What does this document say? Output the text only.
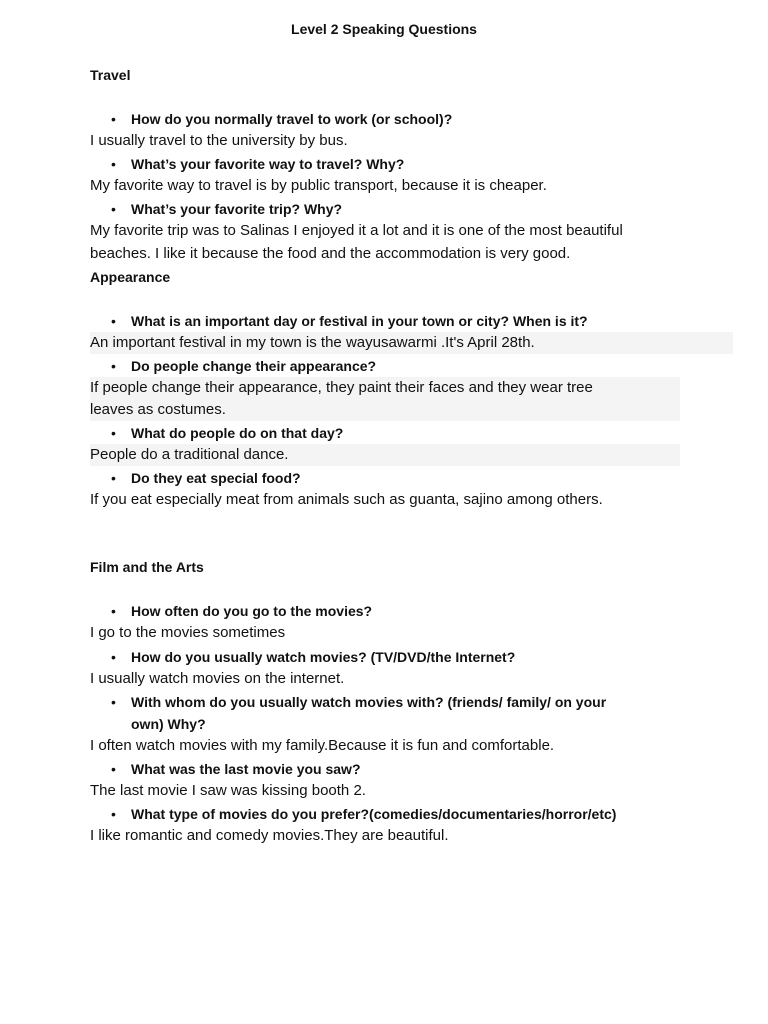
Level 2 Speaking Questions
Travel
• How do you normally travel to work (or school)?
I usually travel to the university by bus.
• What’s your favorite way to travel? Why?
My favorite way to travel is by public transport, because it is cheaper.
• What’s your favorite trip? Why?
My favorite trip was to Salinas I enjoyed it a lot and it is one of the most beautiful
beaches. I like it because the food and the accommodation is very good.
Appearance
• What is an important day or festival in your town or city? When is it?
An important festival in my town is the wayusawarmi .It's April 28th.
• Do people change their appearance?
If people change their appearance, they paint their faces and they wear tree
leaves as costumes.
• What do people do on that day?
People do a traditional dance.
• Do they eat special food?
If you eat especially meat from animals such as guanta, sajino among others.
Film and the Arts
• How often do you go to the movies?
I go to the movies sometimes
• How do you usually watch movies? (TV/DVD/the Internet?
I usually watch movies on the internet.
• With whom do you usually watch movies with? (friends/ family/ on your
own) Why?
I often watch movies with my family.Because it is fun and comfortable.
• What was the last movie you saw?
The last movie I saw was kissing booth 2.
• What type of movies do you prefer?(comedies/documentaries/horror/etc)
I like romantic and comedy movies.They are beautiful.
